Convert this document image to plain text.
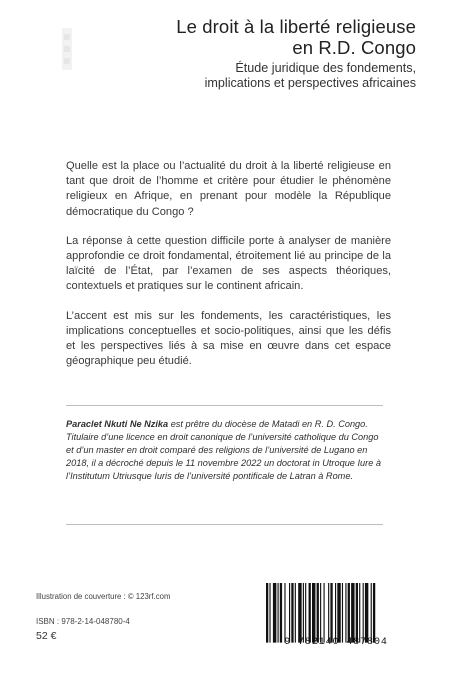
Le droit à la liberté religieuse
en R.D. Congo
Étude juridique des fondements,
implications et perspectives africaines

Quelle est la place ou l’actualité du droit à la liberté religieuse en tant que droit de l’homme et critère pour étudier le phénomène religieux en Afrique, en prenant pour modèle la République démocratique du Congo ?

La réponse à cette question difficile porte à analyser de manière approfondie ce droit fondamental, étroitement lié au principe de la laïcité de l’État, par l’examen de ses aspects théoriques, contextuels et pratiques sur le continent africain.

L’accent est mis sur les fondements, les caractéristiques, les implications conceptuelles et socio-politiques, ainsi que les défis et les perspectives liés à sa mise en œuvre dans cet espace géographique peu étudié.

Paraclet Nkuti Ne Nzika est prêtre du diocèse de Matadi en R. D. Congo. Titulaire d’une licence en droit canonique de l’université catholique du Congo et d’un master en droit comparé des religions de l’université de Lugano en 2018, il a décroché depuis le 11 novembre 2022 un doctorat in Utroque Iure à l’Institutum Utriusque Iuris de l’université pontificale de Latran à Rome.
Illustration de couverture : © 123rf.com
ISBN : 978-2-14-048780-4
52 €
9 782140 487804
